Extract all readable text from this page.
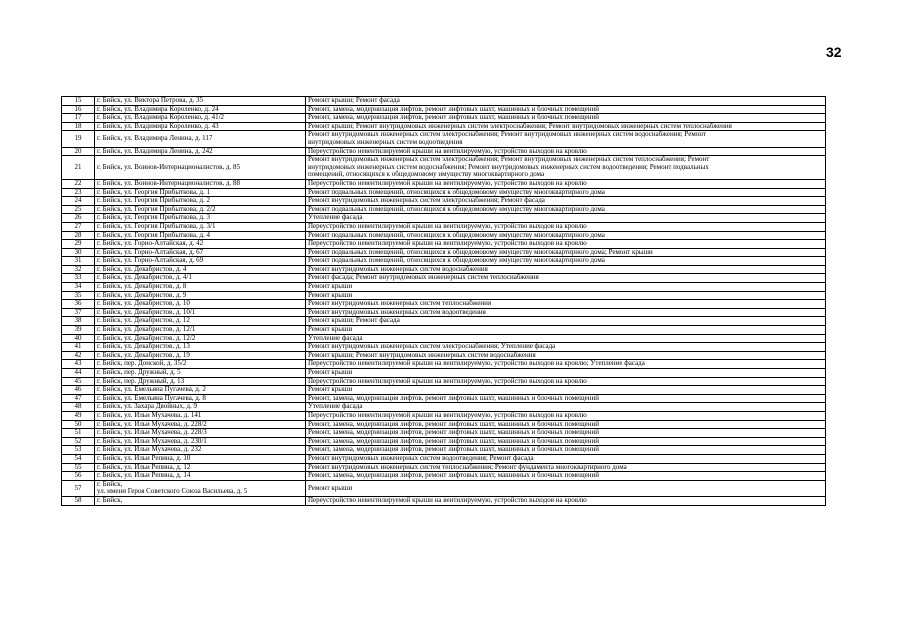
32
15	г. Бийск, ул. Виктора Петрова, д. 35	Ремонт крыши; Ремонт фасада

16	г. Бийск, ул. Владимира Короленко, д. 24	Ремонт, замена, модернизация лифтов, ремонт лифтовых шахт, машинных и блочных помещений

17	г. Бийск, ул. Владимира Короленко, д. 41/2	Ремонт, замена, модернизация лифтов, ремонт лифтовых шахт, машинных и блочных помещений

18	г. Бийск, ул. Владимира Короленко, д. 43	Ремонт крыши; Ремонт внутридомовых инженерных систем электроснабжения; Ремонт внутридомовых инженерных систем теплоснабжения

19	г. Бийск, ул. Владимира Ленина, д. 117	Ремонт внутридомовых инженерных систем электроснабжения; Ремонт внутридомовых инженерных систем водоснабжения; Ремонт
внутридомовых инженерных систем водоотведения

20	г. Бийск, ул. Владимира Ленина, д. 242	Переустройство невентилируемой крыши на вентилируемую, устройство выходов на кровлю

21	г. Бийск, ул. Воинов-Интернационалистов, д. 85	Ремонт внутридомовых инженерных систем электроснабжения; Ремонт внутридомовых инженерных систем теплоснабжения; Ремонт
внутридомовых инженерных систем водоснабжения; Ремонт внутридомовых инженерных систем водоотведения; Ремонт подвальных
помещений, относящихся к общедомовому имуществу многоквартирного дома

22	г. Бийск, ул. Воинов-Интернационалистов, д. 88	Переустройство невентилируемой крыши на вентилируемую, устройство выходов на кровлю

23	г. Бийск, ул. Георгия Прибыткова, д. 1	Ремонт подвальных помещений, относящихся к общедомовому имуществу многоквартирного дома

24	г. Бийск, ул. Георгия Прибыткова, д. 2	Ремонт внутридомовых инженерных систем электроснабжения; Ремонт фасада

25	г. Бийск, ул. Георгия Прибыткова, д. 2/2	Ремонт подвальных помещений, относящихся к общедомовому имуществу многоквартирного дома

26	г. Бийск, ул. Георгия Прибыткова, д. 3	Утепление фасада

27	г. Бийск, ул. Георгия Прибыткова, д. 3/1	Переустройство невентилируемой крыши на вентилируемую, устройство выходов на кровлю

28	г. Бийск, ул. Георгия Прибыткова, д. 4	Ремонт подвальных помещений, относящихся к общедомовому имуществу многоквартирного дома

29	г. Бийск, ул. Горно-Алтайская, д. 42	Переустройство невентилируемой крыши на вентилируемую, устройство выходов на кровлю

30	г. Бийск, ул. Горно-Алтайская, д. 67	Ремонт подвальных помещений, относящихся к общедомовому имуществу многоквартирного дома; Ремонт крыши

31	г. Бийск, ул. Горно-Алтайская, д. 69	Ремонт подвальных помещений, относящихся к общедомовому имуществу многоквартирного дома

32	г. Бийск, ул. Декабристов, д. 4	Ремонт внутридомовых инженерных систем водоснабжения

33	г. Бийск, ул. Декабристов, д. 4/1	Ремонт фасада; Ремонт внутридомовых инженерных систем теплоснабжения

34	г. Бийск, ул. Декабристов, д. 8	Ремонт крыши

35	г. Бийск, ул. Декабристов, д. 9	Ремонт крыши

36	г. Бийск, ул. Декабристов, д. 10	Ремонт внутридомовых инженерных систем теплоснабжения

37	г. Бийск, ул. Декабристов, д. 10/1	Ремонт внутридомовых инженерных систем водоотведения

38	г. Бийск, ул. Декабристов, д. 12	Ремонт крыши; Ремонт фасада

39	г. Бийск, ул. Декабристов, д. 12/1	Ремонт крыши

40	г. Бийск, ул. Декабристов, д. 12/2	Утепление фасада

41	г. Бийск, ул. Декабристов, д. 13	Ремонт внутридомовых инженерных систем электроснабжения; Утепление фасада

42	г. Бийск, ул. Декабристов, д. 19	Ремонт крыши; Ремонт внутридомовых инженерных систем водоснабжения

43	г. Бийск, пер. Донской, д. 35/2	Переустройство невентилируемой крыши на вентилируемую, устройство выходов на кровлю; Утепление фасада

44	г. Бийск, пер. Дружный, д. 5	Ремонт крыши

45	г. Бийск, пер. Дружный, д. 13	Переустройство невентилируемой крыши на вентилируемую, устройство выходов на кровлю

46	г. Бийск, ул. Емельяна Пугачева, д. 2	Ремонт крыши

47	г. Бийск, ул. Емельяна Пугачева, д. 8	Ремонт, замена, модернизация лифтов, ремонт лифтовых шахт, машинных и блочных помещений

48	г. Бийск, ул. Захара Двойных, д. 9	Утепление фасада

49	г. Бийск, ул. Ильи Мухачева, д. 141	Переустройство невентилируемой крыши на вентилируемую, устройство выходов на кровлю

50	г. Бийск, ул. Ильи Мухачева, д. 228/2	Ремонт, замена, модернизация лифтов, ремонт лифтовых шахт, машинных и блочных помещений

51	г. Бийск, ул. Ильи Мухачева, д. 228/3	Ремонт, замена, модернизация лифтов, ремонт лифтовых шахт, машинных и блочных помещений

52	г. Бийск, ул. Ильи Мухачева, д. 230/1	Ремонт, замена, модернизация лифтов, ремонт лифтовых шахт, машинных и блочных помещений

53	г. Бийск, ул. Ильи Мухачева, д. 232	Ремонт, замена, модернизация лифтов, ремонт лифтовых шахт, машинных и блочных помещений

54	г. Бийск, ул. Ильи Репина, д. 10	Ремонт внутридомовых инженерных систем водоотведения; Ремонт фасада

55	г. Бийск, ул. Ильи Репина, д. 12	Ремонт внутридомовых инженерных систем теплоснабжения; Ремонт фундамента многоквартирного дома

56	г. Бийск, ул. Ильи Репина, д. 14	Ремонт, замена, модернизация лифтов, ремонт лифтовых шахт, машинных и блочных помещений

57	г. Бийск,
ул. имени Героя Советского Союза Васильева, д. 5	Ремонт крыши

58	г. Бийск,	Переустройство невентилируемой крыши на вентилируемую, устройство выходов на кровлю
